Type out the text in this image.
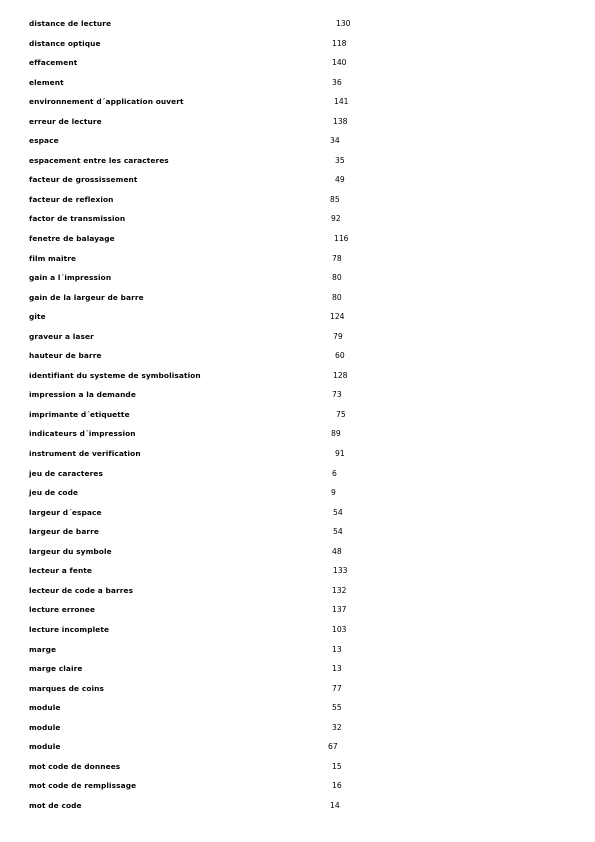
distance de lecture	130
distance optique	118
effacement	140
element	36
environnement d´application ouvert	141
erreur de lecture	138
espace	34
espacement entre les caracteres	35
facteur de grossissement	49
facteur de reflexion	85
factor de transmission	92
fenetre de balayage	116
film maitre	78
gain a l´impression	80
gain de la largeur de barre	80
gite	124
graveur a laser	79
hauteur de barre	60
identifiant du systeme de symbolisation	128
impression a la demande	73
imprimante d´etiquette	75
indicateurs d´impression	89
instrument de verification	91
jeu de caracteres	6
jeu de code	9
largeur d´espace	54
largeur de barre	54
largeur du symbole	48
lecteur a fente	133
lecteur de code a barres	132
lecture erronee	137
lecture incomplete	103
marge	13
marge claire	13
marques de coins	77
module	55
module	32
module	67
mot code de donnees	15
mot code de remplissage	16
mot de code	14
